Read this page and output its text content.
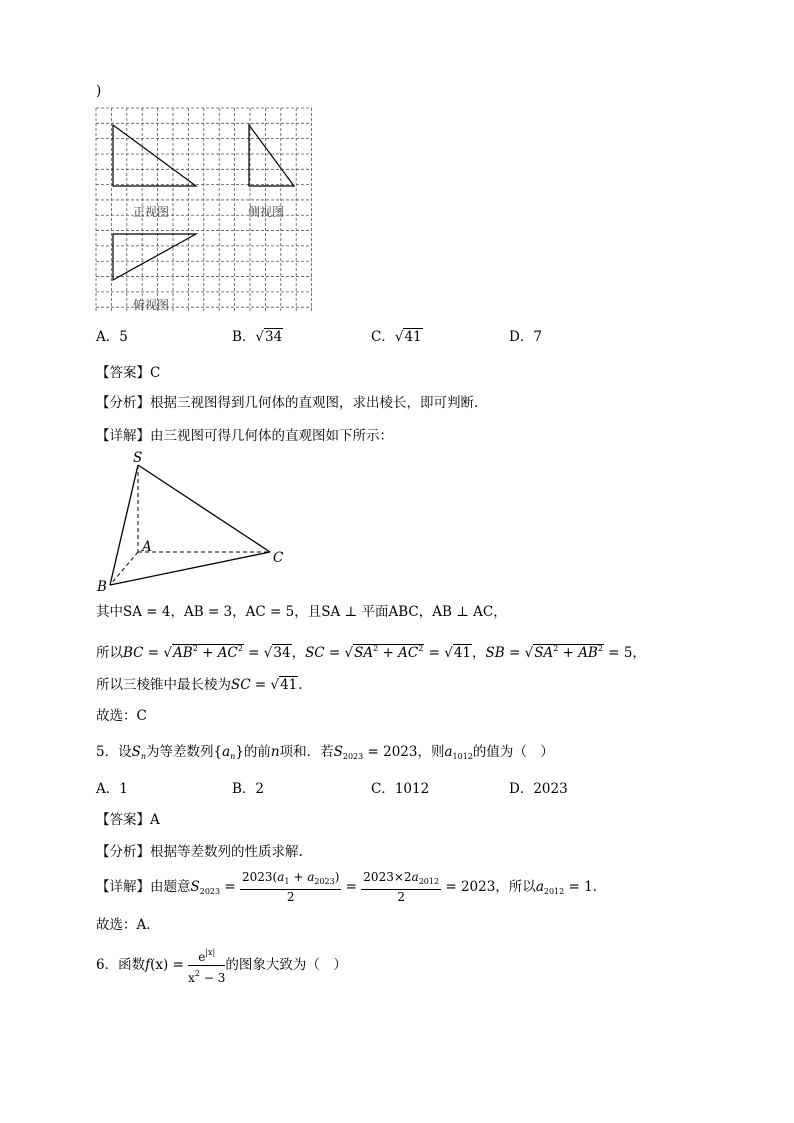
)
正视图	侧视图
俯视图
A．5	B．√34	C．√41	D．7
【答案】C
【分析】根据三视图得到几何体的直观图，求出棱长，即可判断.
【详解】由三视图可得几何体的直观图如下所示：
S
A
B
C
其中SA = 4，AB = 3，AC = 5，且SA ⊥ 平面ABC，AB ⊥ AC，
所以BC = $√AB^2 + AC^2 = √34$，SC = $√SA^2 + AC^2 = √41$，SB = $√SA^2 + AB^2 = 5$，
所以三棱锥中最长棱为SC = √41.
故选：C
5．设$S_n$为等差数列$\{a_n\}$的前n项和．若$S_{2023} = 2023$，则$a_{1012}$的值为（　）
A．1	B．2	C．1012	D．2023
【答案】A
【分析】根据等差数列的性质求解.
【详解】由题意$S_{2023} = \frac{2023(a_1 + a_{2023})}{2} = \frac{2023\times 2a_{2012}}{2} = 2023$，所以$a_{2012} = 1$．
故选：A．
6．函数$f(x) = \frac{e^{|x|}}{x^2 - 3}$ 的图象大致为（　）
